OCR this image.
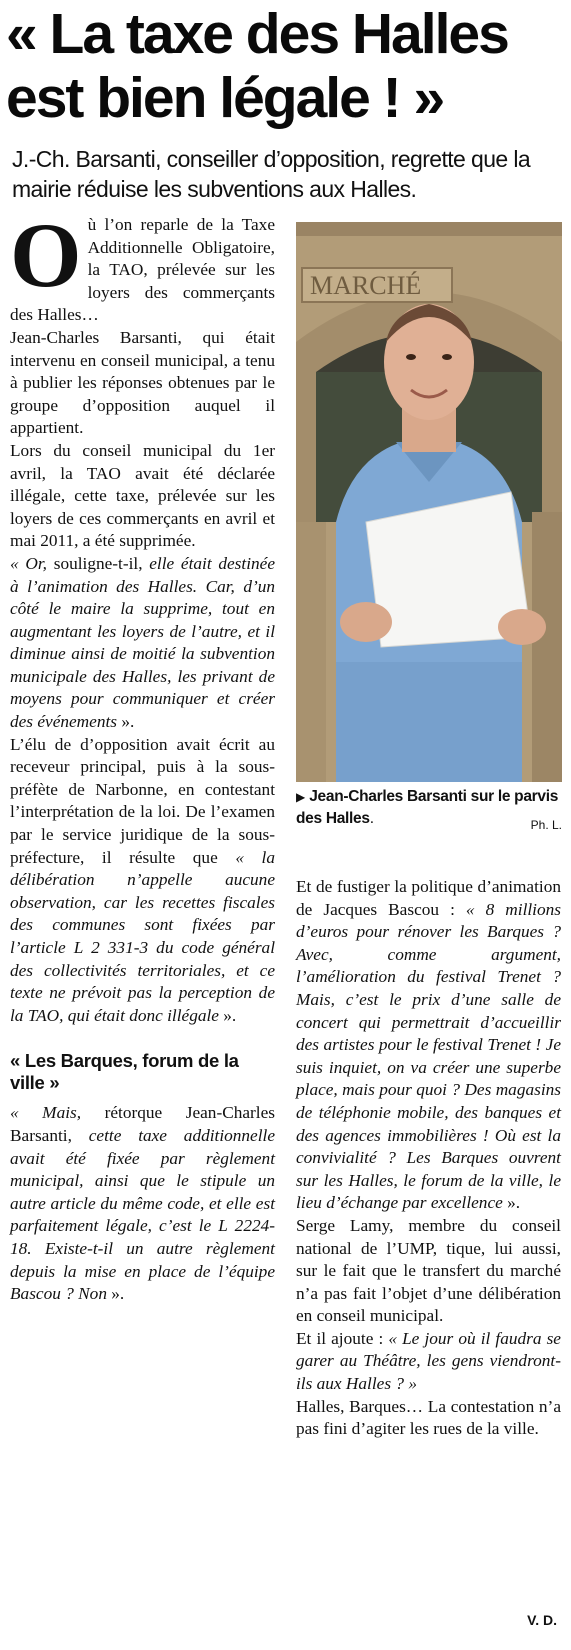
« La taxe des Halles
est bien légale ! »

J.-Ch. Barsanti, conseiller d’opposition, regrette que la mairie réduise les subventions aux Halles.

Où l’on reparle de la Taxe Additionnelle Obligatoire, la TAO, prélevée sur les loyers des commerçants des Halles…

Jean-Charles Barsanti, qui était intervenu en conseil municipal, a tenu à publier les réponses obtenues par le groupe d’opposition auquel il appartient.

Lors du conseil municipal du 1er avril, la TAO avait été déclarée illégale, cette taxe, prélevée sur les loyers de ces commerçants en avril et mai 2011, a été supprimée.

« Or, souligne-t-il, elle était destinée à l’animation des Halles. Car, d’un côté le maire la supprime, tout en augmentant les loyers de l’autre, et il diminue ainsi de moitié la subvention municipale des Halles, les privant de moyens pour communiquer et créer des événements ».

L’élu de d’opposition avait écrit au receveur principal, puis à la sous-préfète de Narbonne, en contestant l’interprétation de la loi. De l’examen par le service juridique de la sous-préfecture, il résulte que « la délibération n’appelle aucune observation, car les recettes fiscales des communes sont fixées par l’article L 2 331-3 du code général des collectivités territoriales, et ce texte ne prévoit pas la perception de la TAO, qui était donc illégale ».

« Les Barques, forum de la ville »

« Mais, rétorque Jean-Charles Barsanti, cette taxe additionnelle avait été fixée par règlement municipal, ainsi que le stipule un autre article du même code, et elle est parfaitement légale, c’est le L 2224-18. Existe-t-il un autre règlement depuis la mise en place de l’équipe Bascou ? Non ».

MARCHÉ
▶ Jean-Charles Barsanti sur le parvis des Halles.	Ph. L.

Et de fustiger la politique d’animation de Jacques Bascou : « 8 millions d’euros pour rénover les Barques ? Avec, comme argument, l’amélioration du festival Trenet ? Mais, c’est le prix d’une salle de concert qui permettrait d’accueillir des artistes pour le festival Trenet ! Je suis inquiet, on va créer une superbe place, mais pour quoi ? Des magasins de téléphonie mobile, des banques et des agences immobilières ! Où est la convivialité ? Les Barques ouvrent sur les Halles, le forum de la ville, le lieu d’échange par excellence ».

Serge Lamy, membre du conseil national de l’UMP, tique, lui aussi, sur le fait que le transfert du marché n’a pas fait l’objet d’une délibération en conseil municipal.

Et il ajoute : « Le jour où il faudra se garer au Théâtre, les gens viendront-ils aux Halles ? »

Halles, Barques… La contestation n’a pas fini d’agiter les rues de la ville.

V. D.
